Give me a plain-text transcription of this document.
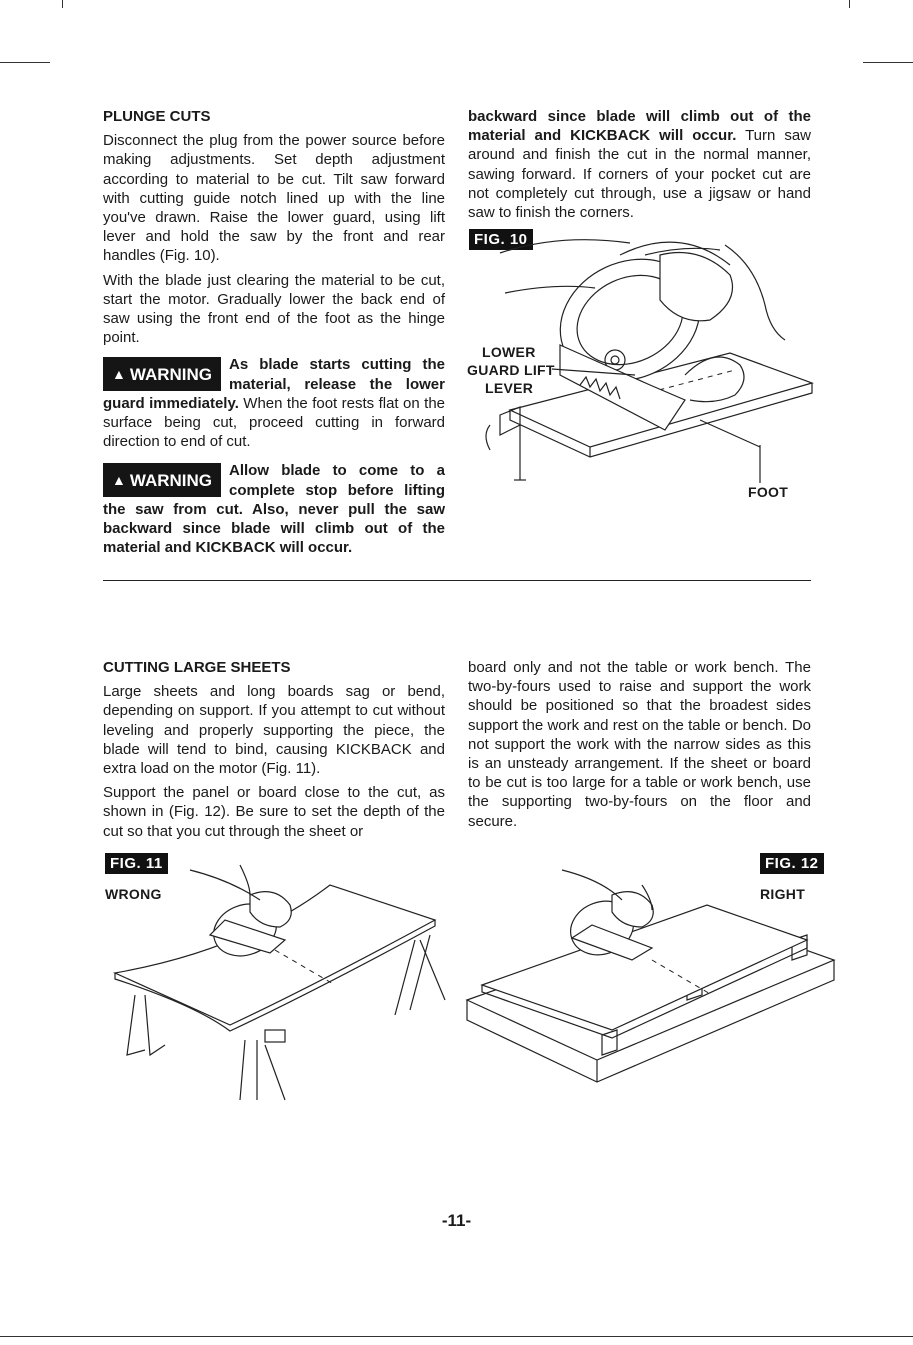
PLUNGE CUTS

Disconnect the plug from the power source before making adjustments. Set depth adjustment according to material to be cut. Tilt saw forward with cutting guide notch lined up with the line you've drawn. Raise the lower guard, using lift lever and hold the saw by the front and rear handles (Fig. 10).

With the blade just clearing the material to be cut, start the motor. Gradually lower the back end of saw using the front end of the foot as the hinge point.

▲ WARNING	As blade starts cutting the material, release the lower guard immediately. When the foot rests flat on the surface being cut, proceed cutting in forward direction to end of cut.

▲ WARNING	Allow blade to come to a complete stop before lifting the saw from cut. Also, never pull the saw backward since blade will climb out of the material and KICKBACK will occur.

backward since blade will climb out of the material and KICKBACK will occur. Turn saw around and finish the cut in the normal manner, sawing forward. If corners of your pocket cut are not completely cut through, use a jigsaw or hand saw to finish the corners.

FIG. 10
LOWER
GUARD LIFT
LEVER
FOOT

CUTTING LARGE SHEETS

Large sheets and long boards sag or bend, depending on support. If you attempt to cut without leveling and properly supporting the piece, the blade will tend to bind, causing KICKBACK and extra load on the motor (Fig. 11).

Support the panel or board close to the cut, as shown in (Fig. 12). Be sure to set the depth of the cut so that you cut through the sheet or

board only and not the table or work bench. The two-by-fours used to raise and support the work should be positioned so that the broadest sides support the work and rest on the table or bench. Do not support the work with the narrow sides as this is an unsteady arrangement. If the sheet or board to be cut is too large for a table or work bench, use the supporting two-by-fours on the floor and secure.

FIG. 11
WRONG
FIG. 12
RIGHT
-11-
